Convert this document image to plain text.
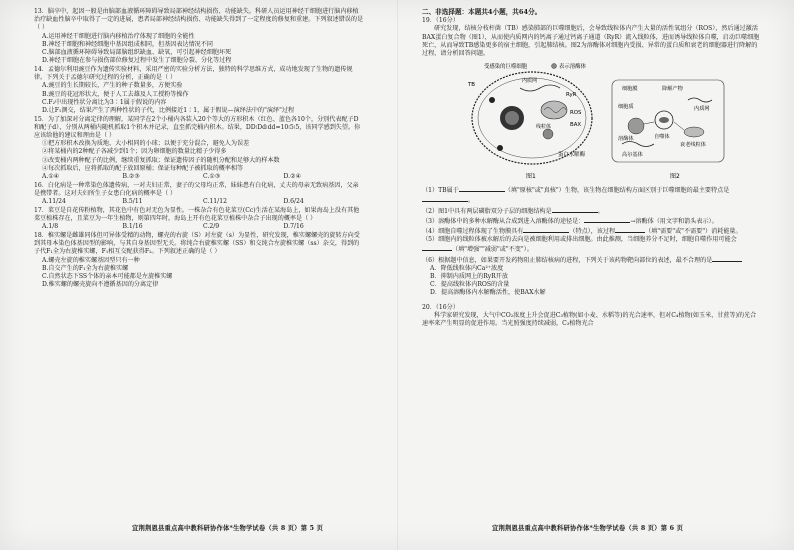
13．脑卒中，起因一般是由脑部血液循环障碍导致局部神经结构损伤、功能缺失。科研人员运用神经干细胞进行脑内移植治疗缺血性脑卒中取得了一定的进展，患者局部神经结构损伤、功能缺失得到了一定程度的修复和重建。下列叙述错误的是（ ）
A.运用神经干细胞进行脑内移植治疗体现了细胞的全能性
B.神经干细胞和神经细胞中基因组成相同，但基因表达情况不同
C.脑部血液循环障碍导致局部脑组织缺血、缺氧，可引起神经细胞坏死
D.神经干细胞在参与损伤部位修复过程中发生了细胞分裂、分化等过程
14．孟德尔利用豌豆作为遗传实验材料，采用严密的实验分析方法，独特的科学思维方式，成功地发现了生物的遗传规律。下列关于孟德尔研究过程的分析，正确的是（ ）
A.豌豆的生长期较长，产生的种子数量多，方便实验
B.豌豆的花冠形状大，便于人工去雄及人工授粉等操作
C.F₂中出现性状分离比为3∶1属于假说的内容
D.让F₁测交，结果产生了两种性状的子代，比例接近1∶1，属于假说—演绎法中的"演绎"过程
15．为了加深对分离定律的理解，某同学在2个小桶内各装入20个等大的方形积木（红色、蓝色各10个，分别代表配子D和配子d），分别从两桶内随机抓取1个积木并记录，直至抓完桶内积木。结果，DD∶Dd∶dd=10∶5∶5，该同学感到失望。你应该给他的建议和理由是（ ）
①把方形积木改换为质地、大小相同的小球；以便于充分混合，避免人为误差
②将某桶内的2种配子各减少到1个；因为卵细胞的数量比精子少得多
③改变桶内两种配子的比例，继续重复抓取；保证遗传因子的随机分配和足够大的样本数
④每次抓取后，应将抓取的配子放回原桶；保证每种配子被抓取的概率相等
A.①④	B.②③	C.①③	D.②④
16．白化病是一种常染色体遗传病，一对夫妇正常，妻子的父母均正常，妹妹患有白化病，丈夫的母亲无致病基因，父亲是携带者。这对夫妇所生子女患白化病的概率是（ ）
A.11/24	B.5/11	C.11/12	D.6/24
17．菜豆是自花传粉植物，其花色中有色对无色为显性。一株杂合有色花菜豆(Cc)生活在某海岛上，如果海岛上没有其他菜豆植株存在，且菜豆为一年生植物，则第四年时，海岛上开有色花菜豆植株中杂合子出现的概率是（ ）
A.1/8	B.1/16	C.2/9	D.7/16
18．椎实螺是雌雄同体但可异体受精的动物，螺壳的右旋（S）对左旋（s）为显性，研究发现，椎实螺螺壳的旋转方向受到其母本染色体基因型的影响，与其自身基因型无关。将纯合右旋椎实螺（SS）和交纯合左旋椎实螺（ss）杂交，得到的子代F₁全为右旋椎实螺，F₁相互交配获得F₂。下列叙述正确的是（ ）
A.螺壳左旋的椎实螺基因型只有一种
B.自交产生的F₁全为右旋椎实螺
C.自然状态下SS个体的亲本可能都是左旋椎实螺
D.椎实螺的螺壳旋向不遵循基因的分离定律
二、非选择题：本题共4小题，共64分。
19．（16分）
研究发现，结核分枝杆菌（TB）感染肺部的巨噬细胞后，会导致线粒体内产生大量的活性氧组分（ROS），然后通过激活BAX蛋白复合物（图1），从而使内质网内的钙离子通过钙离子通道（RyR）流入线粒体，进而诱导线粒体自噬，启动巨噬细胞死亡，从而导致TB感染更多的宿主细胞，引起肺结核。图2为溶酶体对细胞内受损、异常的蛋白质和衰老的细胞器进行降解的过程，请分析回答问题。
受感染的巨噬细胞	表示溶酶体
TB
RyR
ROS
BAX
蛋白水解酶
线粒体
内质网
图1
细胞膜	降解产物
细胞质
溶酶体	自噬体
衰老线粒体
高尔基体
内质网
图2
（1）TB属于	（填"原核"或"真核"）生物，该生物在细胞结构方面区别于巨噬细胞的最主要特点是。
（2）图1中具有两层磷脂双分子层的细胞结构是	。
（3）溶酶体中的多种水解酶从合成到进入溶酶体的途径是：	→溶酶体（用文字和箭头表示）。
（4）细胞自噬过程体现了生物膜具有	（特点），该过程	（填"需要"或"不需要"）消耗能量。
（5）细胞内的线粒体被水解后的去向是被细胞利用或排出细胞。由此推测，当细胞养分不足时，细胞自噬作用可能会（填"增强""减弱"或"不变"）。
（6）根据题中信息，如果要开发药物阻止肺结核病的进程，下列关于该药物靶向部位的表述，最不合理的是
A．降低线粒体内Ca²⁺浓度
B．抑制内质网上的RyR开放
C．提高线粒体内ROS的含量
D．提高溶酶体内水解酶活性，使BAX水解
20．（16分）
科学家研究发现，大气中CO₂浓度上升会促进C₃植物(如小麦、水稻等)的光合速率，但对C₄植物(如玉米、甘蔗等)的光合速率来产生明显的促进作用。当光照强度持续减弱，C₃植物光合
宜荆荆恩县重点高中教科研协作体*生物学试卷（共 8 页）第 5 页	宜荆荆恩县重点高中教科研协作体*生物学试卷（共 8 页）第 6 页
